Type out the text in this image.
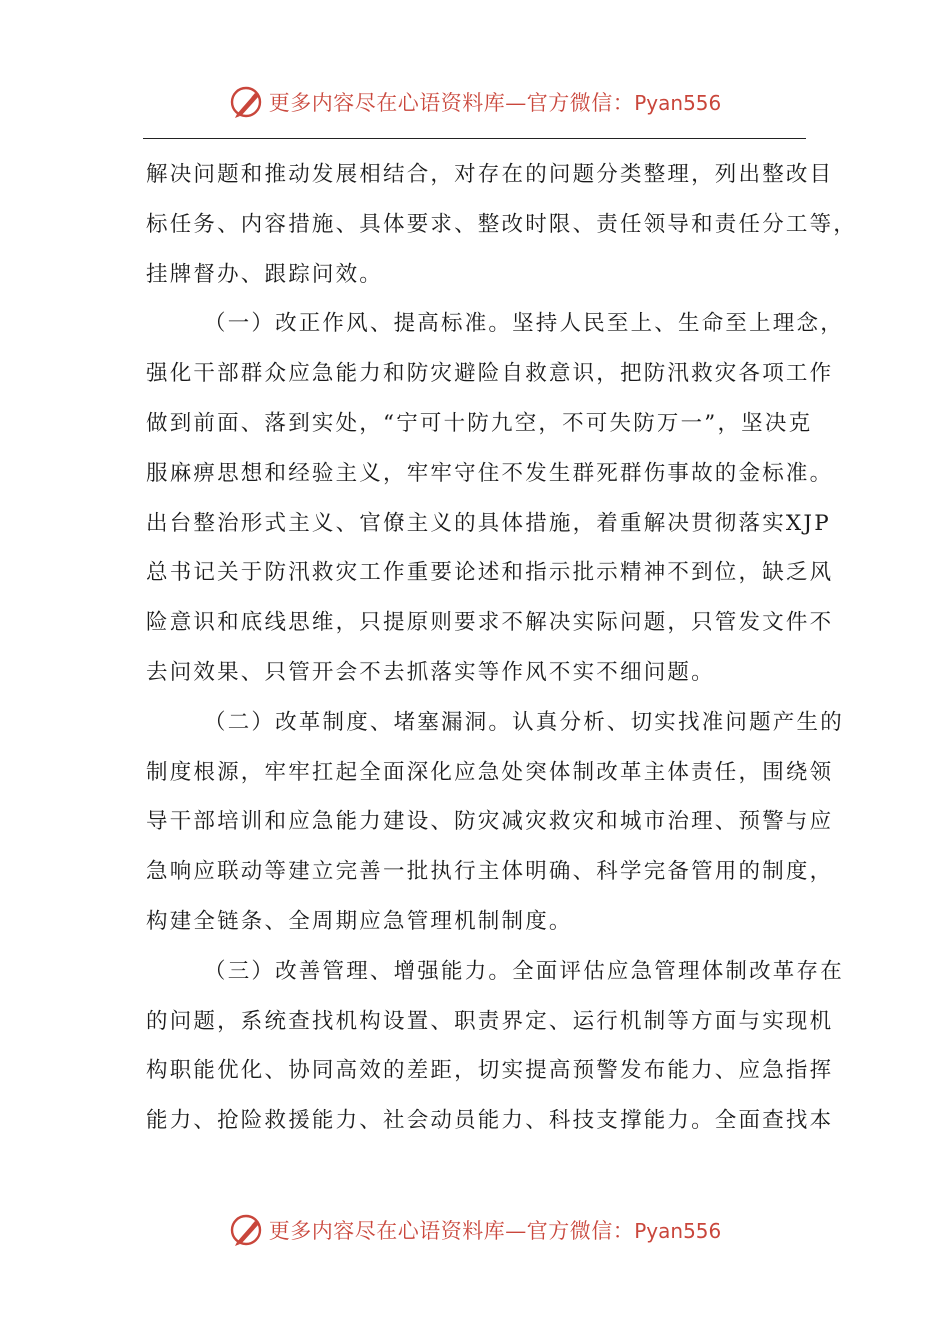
更多内容尽在心语资料库—官方微信：Pyan556
解决问题和推动发展相结合，对存在的问题分类整理，列出整改目
标任务、内容措施、具体要求、整改时限、责任领导和责任分工等，
挂牌督办、跟踪问效。
（一）改正作风、提高标准。坚持人民至上、生命至上理念，
强化干部群众应急能力和防灾避险自救意识，把防汛救灾各项工作
做到前面、落到实处，“宁可十防九空，不可失防万一”，坚决克
服麻痹思想和经验主义，牢牢守住不发生群死群伤事故的金标准。
出台整治形式主义、官僚主义的具体措施，着重解决贯彻落实XJP
总书记关于防汛救灾工作重要论述和指示批示精神不到位，缺乏风
险意识和底线思维，只提原则要求不解决实际问题，只管发文件不
去问效果、只管开会不去抓落实等作风不实不细问题。
（二）改革制度、堵塞漏洞。认真分析、切实找准问题产生的
制度根源，牢牢扛起全面深化应急处突体制改革主体责任，围绕领
导干部培训和应急能力建设、防灾减灾救灾和城市治理、预警与应
急响应联动等建立完善一批执行主体明确、科学完备管用的制度，
构建全链条、全周期应急管理机制制度。
（三）改善管理、增强能力。全面评估应急管理体制改革存在
的问题，系统查找机构设置、职责界定、运行机制等方面与实现机
构职能优化、协同高效的差距，切实提高预警发布能力、应急指挥
能力、抢险救援能力、社会动员能力、科技支撑能力。全面查找本
更多内容尽在心语资料库—官方微信：Pyan556
